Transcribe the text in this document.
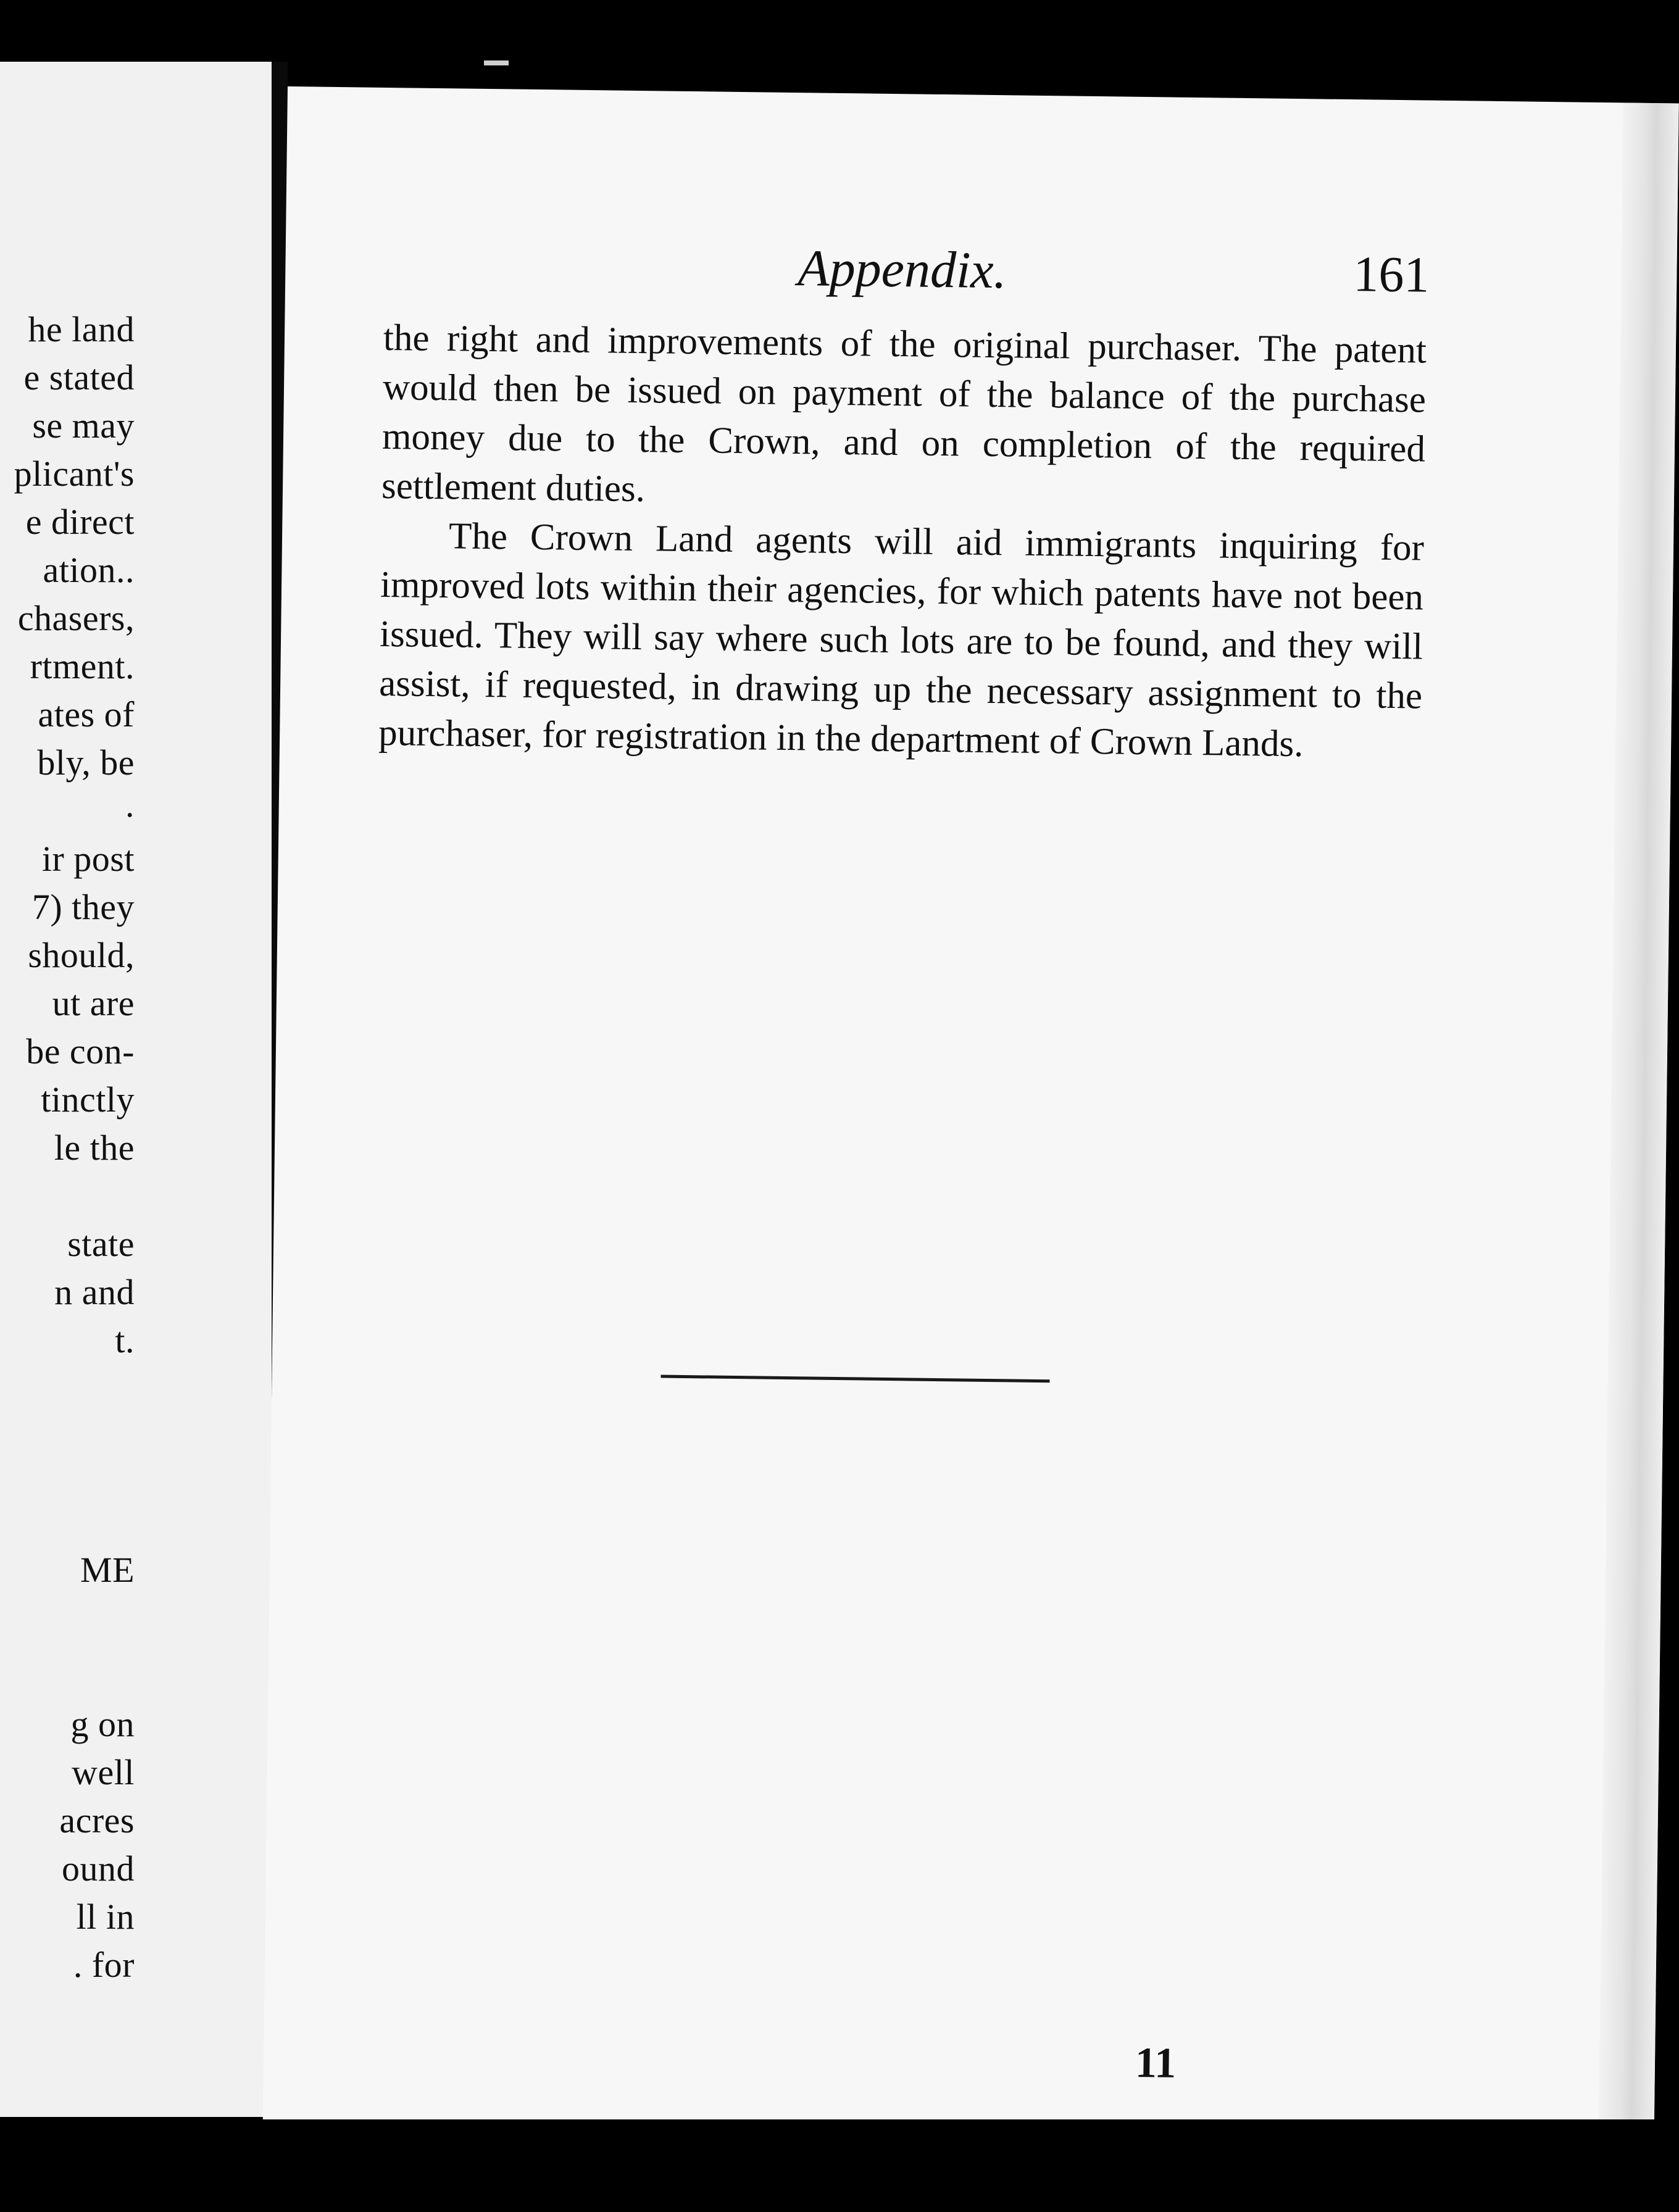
he land
e stated
se may
plicant's
e direct
ation..
chasers,
rtment.
ates of
bly, be
.
ir post
7) they
should,
ut are
be con-
tinctly
le the
state
n and
t.
ME
g on
well
acres
ound
ll in
. for
Appendix.	161

the right and improvements of the original purchaser. The patent would then be issued on payment of the balance of the purchase money due to the Crown, and on completion of the required settlement duties.

The Crown Land agents will aid immigrants inquiring for improved lots within their agencies, for which patents have not been issued. They will say where such lots are to be found, and they will assist, if requested, in drawing up the necessary assignment to the purchaser, for registration in the department of Crown Lands.

11
